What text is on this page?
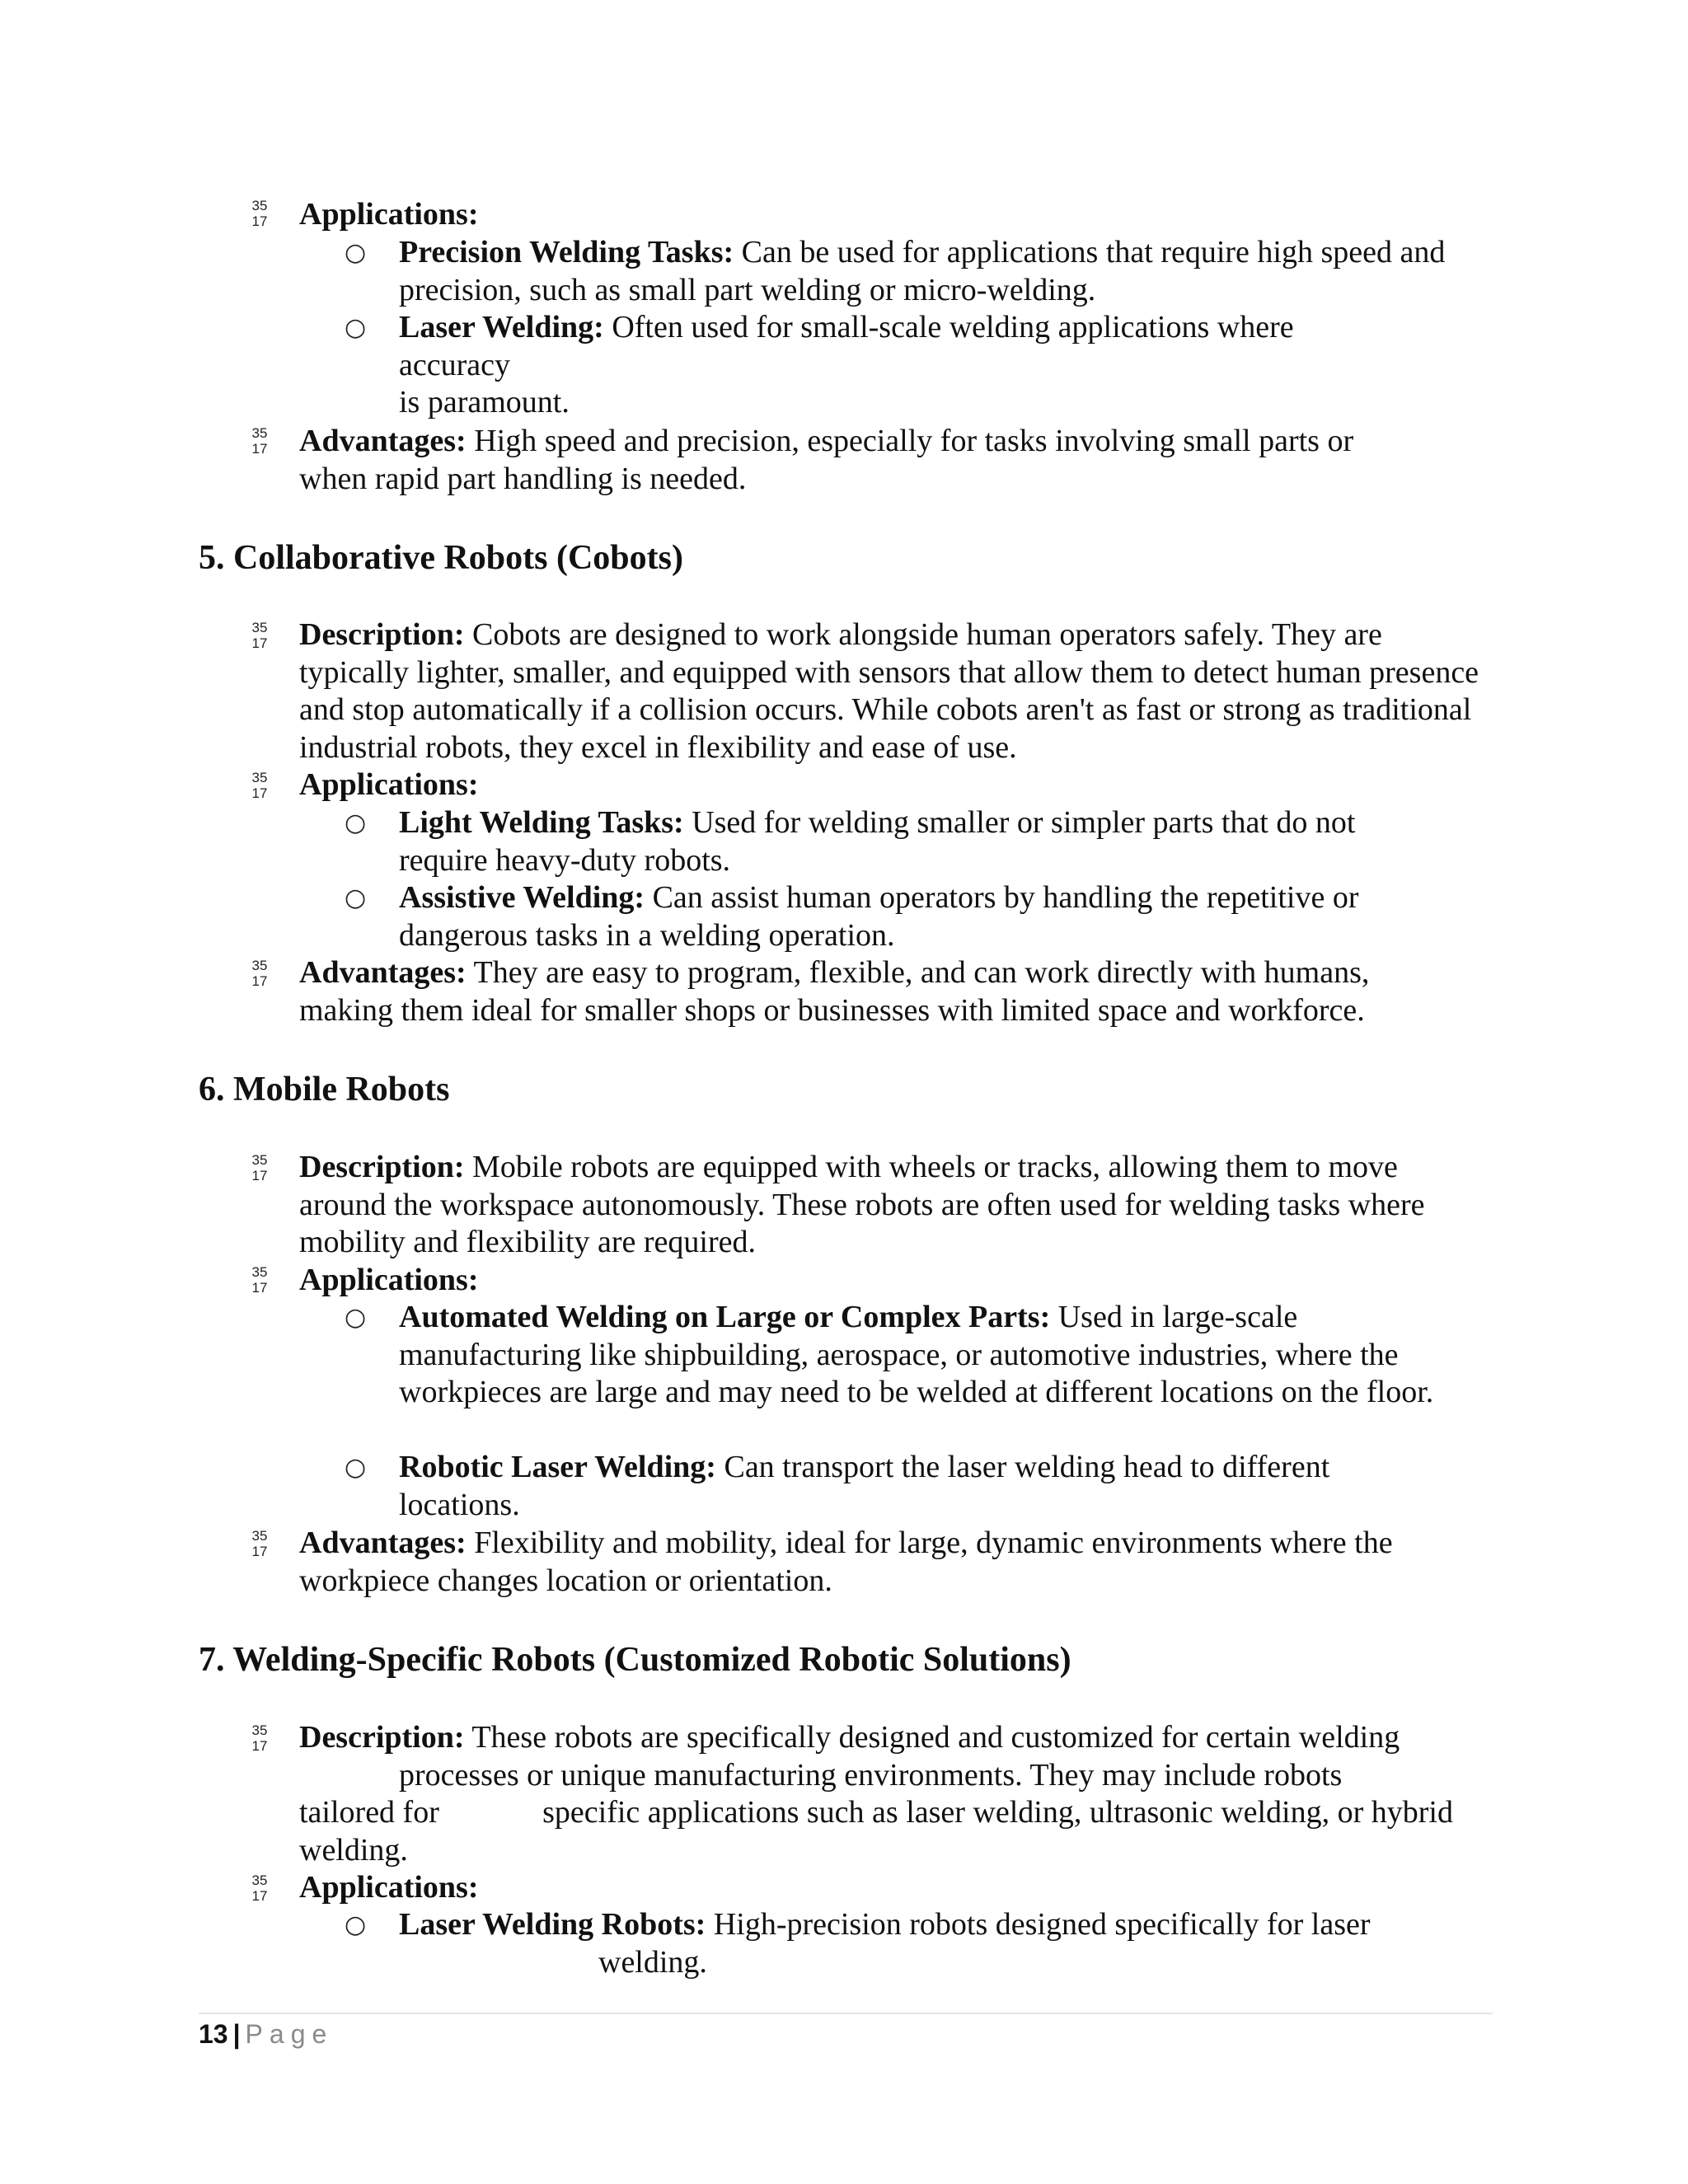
35
17 Applications:
○ Precision Welding Tasks: Can be used for applications that require high speed and precision, such as small part welding or micro-welding.
○ Laser Welding: Often used for small-scale welding applications where
accuracy
is paramount.
35
17 Advantages: High speed and precision, especially for tasks involving small parts or when rapid part handling is needed.
5. Collaborative Robots (Cobots)
35
17 Description: Cobots are designed to work alongside human operators safely. They are typically lighter, smaller, and equipped with sensors that allow them to detect human presence and stop automatically if a collision occurs. While cobots aren't as fast or strong as traditional industrial robots, they excel in flexibility and ease of use.
35
17 Applications:
○ Light Welding Tasks: Used for welding smaller or simpler parts that do not require heavy-duty robots.
○ Assistive Welding: Can assist human operators by handling the repetitive or dangerous tasks in a welding operation.
35
17 Advantages: They are easy to program, flexible, and can work directly with humans, making them ideal for smaller shops or businesses with limited space and workforce.
6. Mobile Robots
35
17 Description: Mobile robots are equipped with wheels or tracks, allowing them to move around the workspace autonomously. These robots are often used for welding tasks where mobility and flexibility are required.
35
17 Applications:
○ Automated Welding on Large or Complex Parts: Used in large-scale manufacturing like shipbuilding, aerospace, or automotive industries, where the workpieces are large and may need to be welded at different locations on the floor.
○ Robotic Laser Welding: Can transport the laser welding head to different locations.
35
17 Advantages: Flexibility and mobility, ideal for large, dynamic environments where the workpiece changes location or orientation.
7. Welding-Specific Robots (Customized Robotic Solutions)
35
17 Description: These robots are specifically designed and customized for certain welding
processes or unique manufacturing environments. They may include robots
tailored for	specific applications such as laser welding, ultrasonic welding, or hybrid
welding.
35
17 Applications:
○ Laser Welding Robots: High-precision robots designed specifically for laser
welding.
13 | Page
